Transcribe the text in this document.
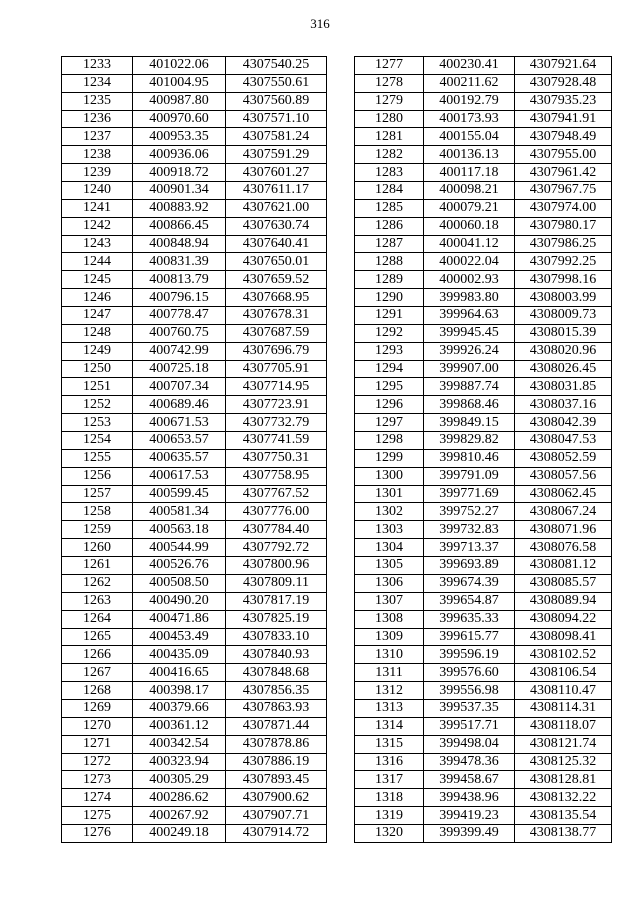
316
1233	401022.06	4307540.25
1234	401004.95	4307550.61
1235	400987.80	4307560.89
1236	400970.60	4307571.10
1237	400953.35	4307581.24
1238	400936.06	4307591.29
1239	400918.72	4307601.27
1240	400901.34	4307611.17
1241	400883.92	4307621.00
1242	400866.45	4307630.74
1243	400848.94	4307640.41
1244	400831.39	4307650.01
1245	400813.79	4307659.52
1246	400796.15	4307668.95
1247	400778.47	4307678.31
1248	400760.75	4307687.59
1249	400742.99	4307696.79
1250	400725.18	4307705.91
1251	400707.34	4307714.95
1252	400689.46	4307723.91
1253	400671.53	4307732.79
1254	400653.57	4307741.59
1255	400635.57	4307750.31
1256	400617.53	4307758.95
1257	400599.45	4307767.52
1258	400581.34	4307776.00
1259	400563.18	4307784.40
1260	400544.99	4307792.72
1261	400526.76	4307800.96
1262	400508.50	4307809.11
1263	400490.20	4307817.19
1264	400471.86	4307825.19
1265	400453.49	4307833.10
1266	400435.09	4307840.93
1267	400416.65	4307848.68
1268	400398.17	4307856.35
1269	400379.66	4307863.93
1270	400361.12	4307871.44
1271	400342.54	4307878.86
1272	400323.94	4307886.19
1273	400305.29	4307893.45
1274	400286.62	4307900.62
1275	400267.92	4307907.71
1276	400249.18	4307914.72
1277	400230.41	4307921.64
1278	400211.62	4307928.48
1279	400192.79	4307935.23
1280	400173.93	4307941.91
1281	400155.04	4307948.49
1282	400136.13	4307955.00
1283	400117.18	4307961.42
1284	400098.21	4307967.75
1285	400079.21	4307974.00
1286	400060.18	4307980.17
1287	400041.12	4307986.25
1288	400022.04	4307992.25
1289	400002.93	4307998.16
1290	399983.80	4308003.99
1291	399964.63	4308009.73
1292	399945.45	4308015.39
1293	399926.24	4308020.96
1294	399907.00	4308026.45
1295	399887.74	4308031.85
1296	399868.46	4308037.16
1297	399849.15	4308042.39
1298	399829.82	4308047.53
1299	399810.46	4308052.59
1300	399791.09	4308057.56
1301	399771.69	4308062.45
1302	399752.27	4308067.24
1303	399732.83	4308071.96
1304	399713.37	4308076.58
1305	399693.89	4308081.12
1306	399674.39	4308085.57
1307	399654.87	4308089.94
1308	399635.33	4308094.22
1309	399615.77	4308098.41
1310	399596.19	4308102.52
1311	399576.60	4308106.54
1312	399556.98	4308110.47
1313	399537.35	4308114.31
1314	399517.71	4308118.07
1315	399498.04	4308121.74
1316	399478.36	4308125.32
1317	399458.67	4308128.81
1318	399438.96	4308132.22
1319	399419.23	4308135.54
1320	399399.49	4308138.77
